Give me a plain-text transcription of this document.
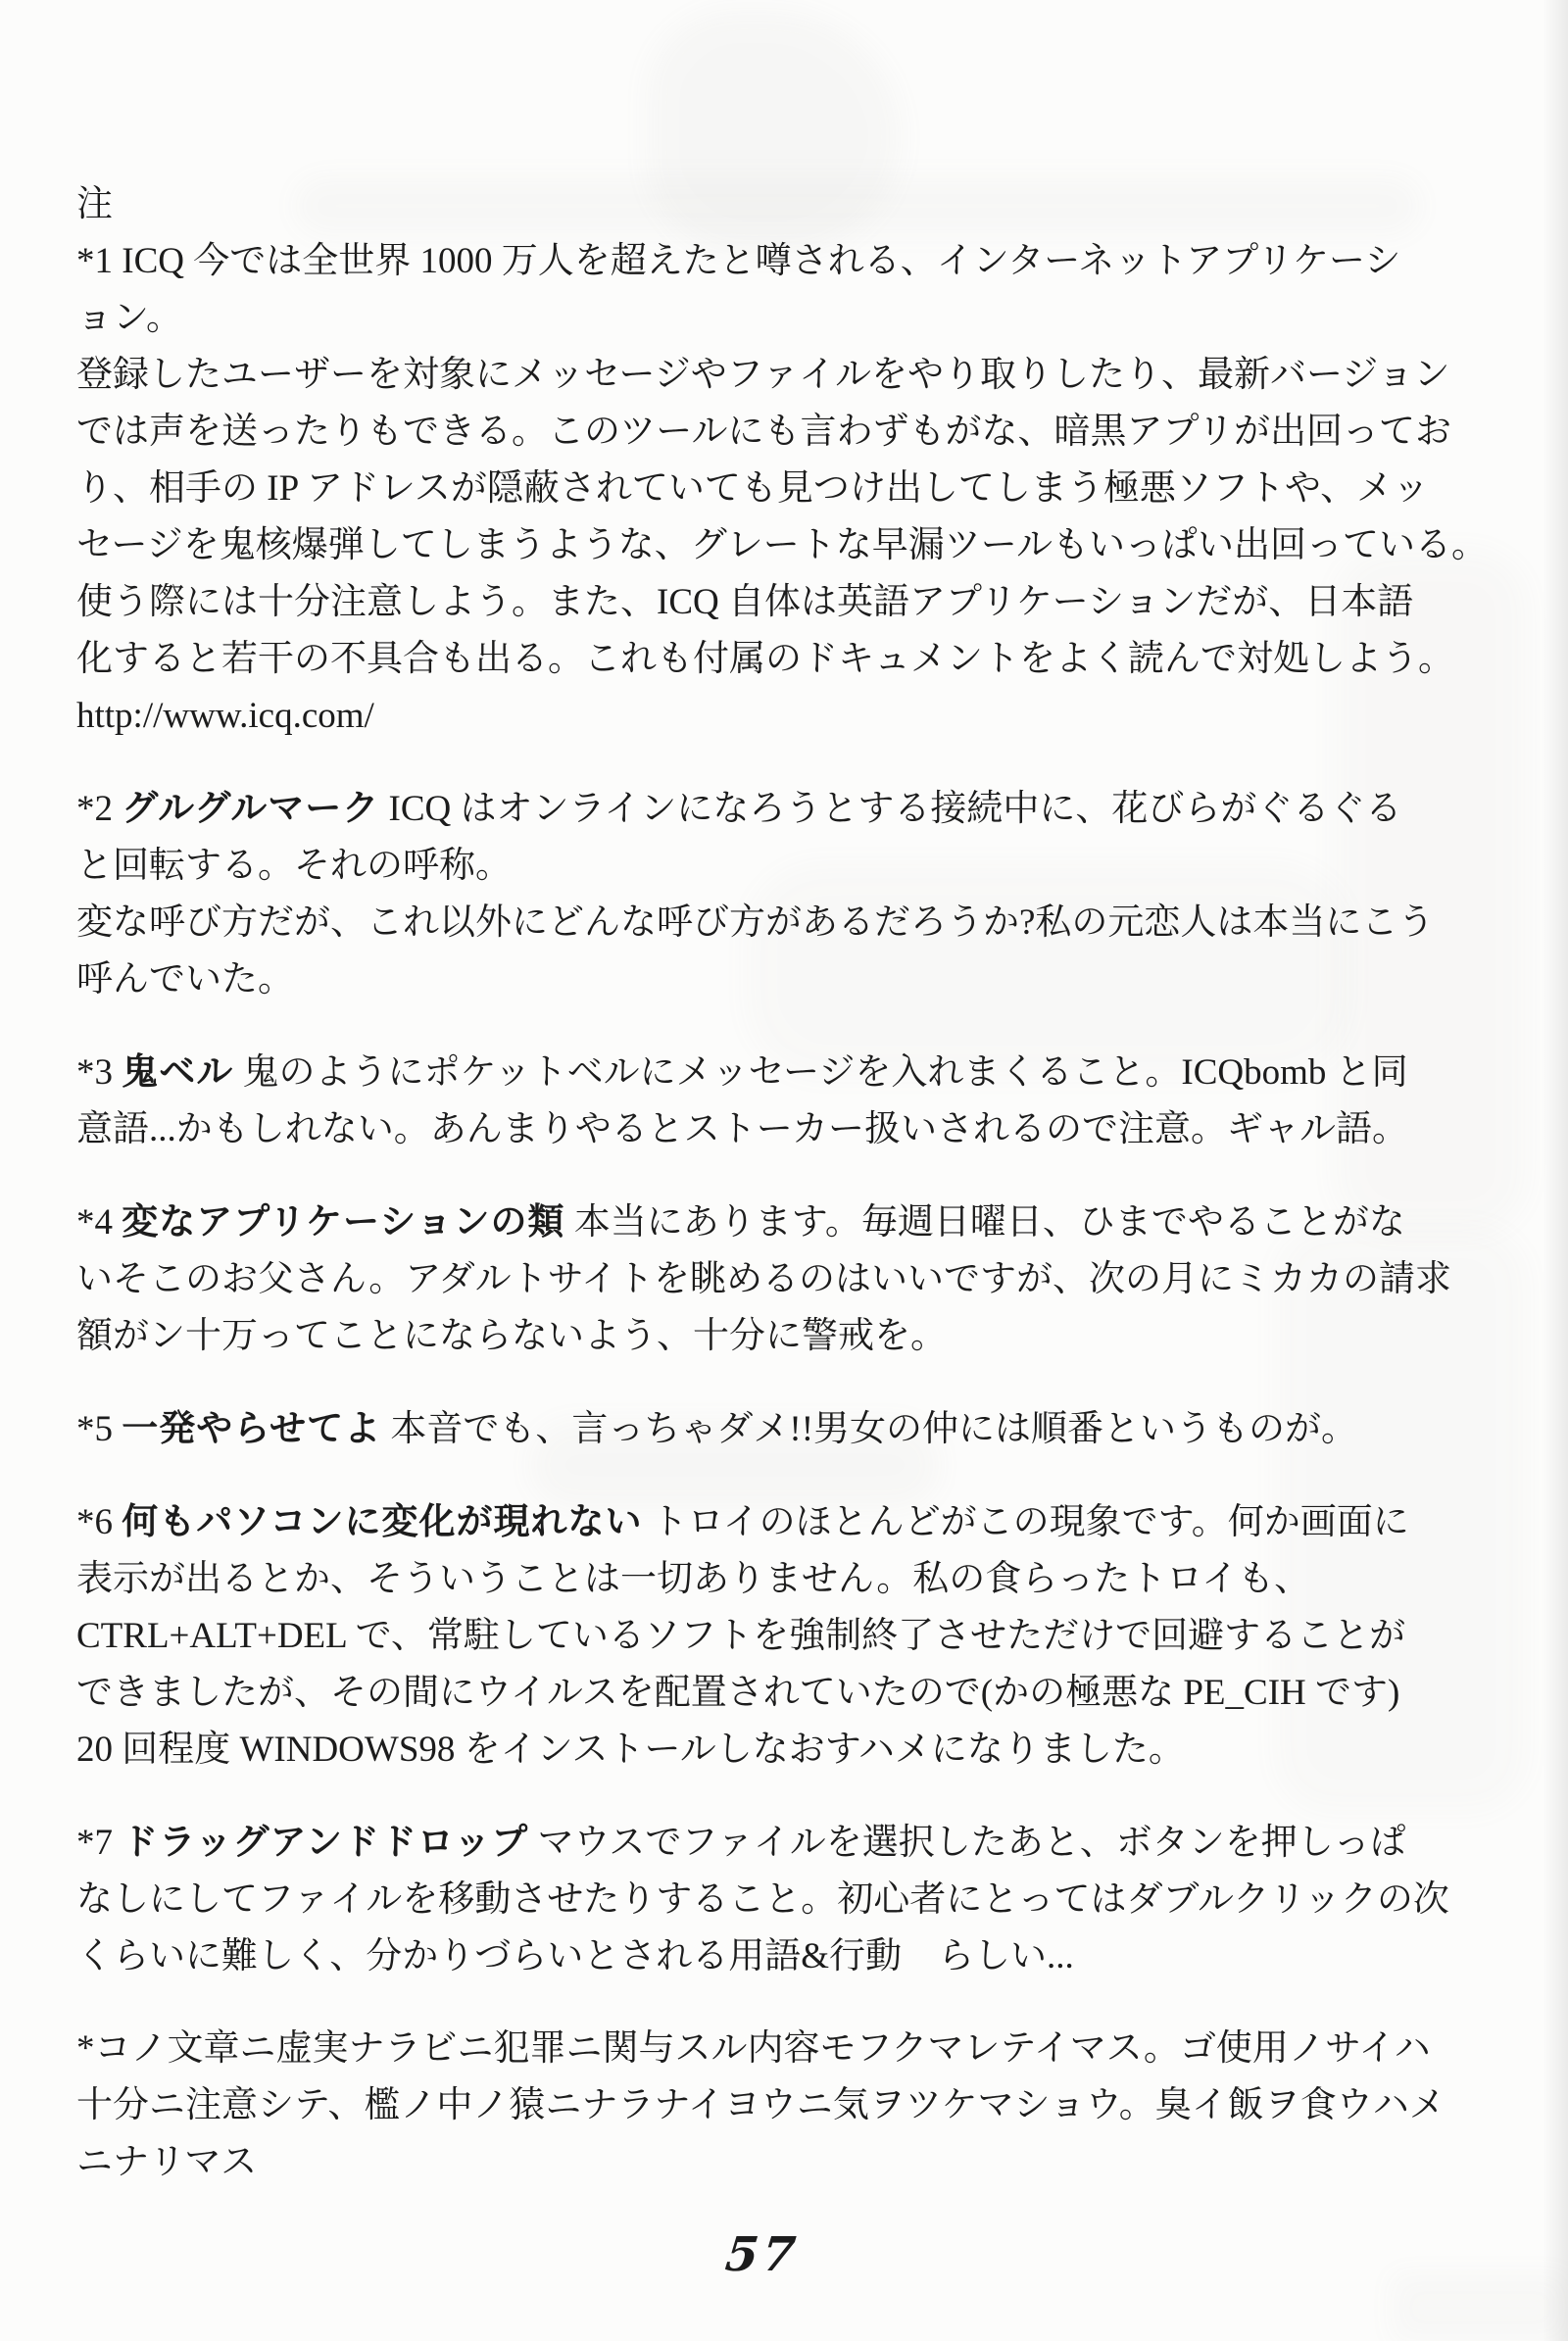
注
*1 ICQ 今では全世界 1000 万人を超えたと噂される、インターネットアプリケーシ
ョン。
登録したユーザーを対象にメッセージやファイルをやり取りしたり、最新バージョン
では声を送ったりもできる。このツールにも言わずもがな、暗黒アプリが出回ってお
り、相手の IP アドレスが隠蔽されていても見つけ出してしまう極悪ソフトや、メッ
セージを鬼核爆弾してしまうような、グレートな早漏ツールもいっぱい出回っている。
使う際には十分注意しよう。また、ICQ 自体は英語アプリケーションだが、日本語
化すると若干の不具合も出る。これも付属のドキュメントをよく読んで対処しよう。
http://www.icq.com/
*2 グルグルマーク ICQ はオンラインになろうとする接続中に、花びらがぐるぐる
と回転する。それの呼称。
変な呼び方だが、これ以外にどんな呼び方があるだろうか?私の元恋人は本当にこう
呼んでいた。
*3 鬼ベル 鬼のようにポケットベルにメッセージを入れまくること。ICQbomb と同
意語...かもしれない。あんまりやるとストーカー扱いされるので注意。ギャル語。
*4 変なアプリケーションの類 本当にあります。毎週日曜日、ひまでやることがな
いそこのお父さん。アダルトサイトを眺めるのはいいですが、次の月にミカカの請求
額がン十万ってことにならないよう、十分に警戒を。
*5 一発やらせてよ 本音でも、言っちゃダメ!!男女の仲には順番というものが。
*6 何もパソコンに変化が現れない トロイのほとんどがこの現象です。何か画面に
表示が出るとか、そういうことは一切ありません。私の食らったトロイも、
CTRL+ALT+DEL で、常駐しているソフトを強制終了させただけで回避することが
できましたが、その間にウイルスを配置されていたので(かの極悪な PE_CIH です)
20 回程度 WINDOWS98 をインストールしなおすハメになりました。
*7 ドラッグアンドドロップ マウスでファイルを選択したあと、ボタンを押しっぱ
なしにしてファイルを移動させたりすること。初心者にとってはダブルクリックの次
くらいに難しく、分かりづらいとされる用語&行動　らしい...
*コノ文章ニ虚実ナラビニ犯罪ニ関与スル内容モフクマレテイマス。ゴ使用ノサイハ
十分ニ注意シテ、檻ノ中ノ猿ニナラナイヨウニ気ヲツケマショウ。臭イ飯ヲ食ウハメ
ニナリマス
57
